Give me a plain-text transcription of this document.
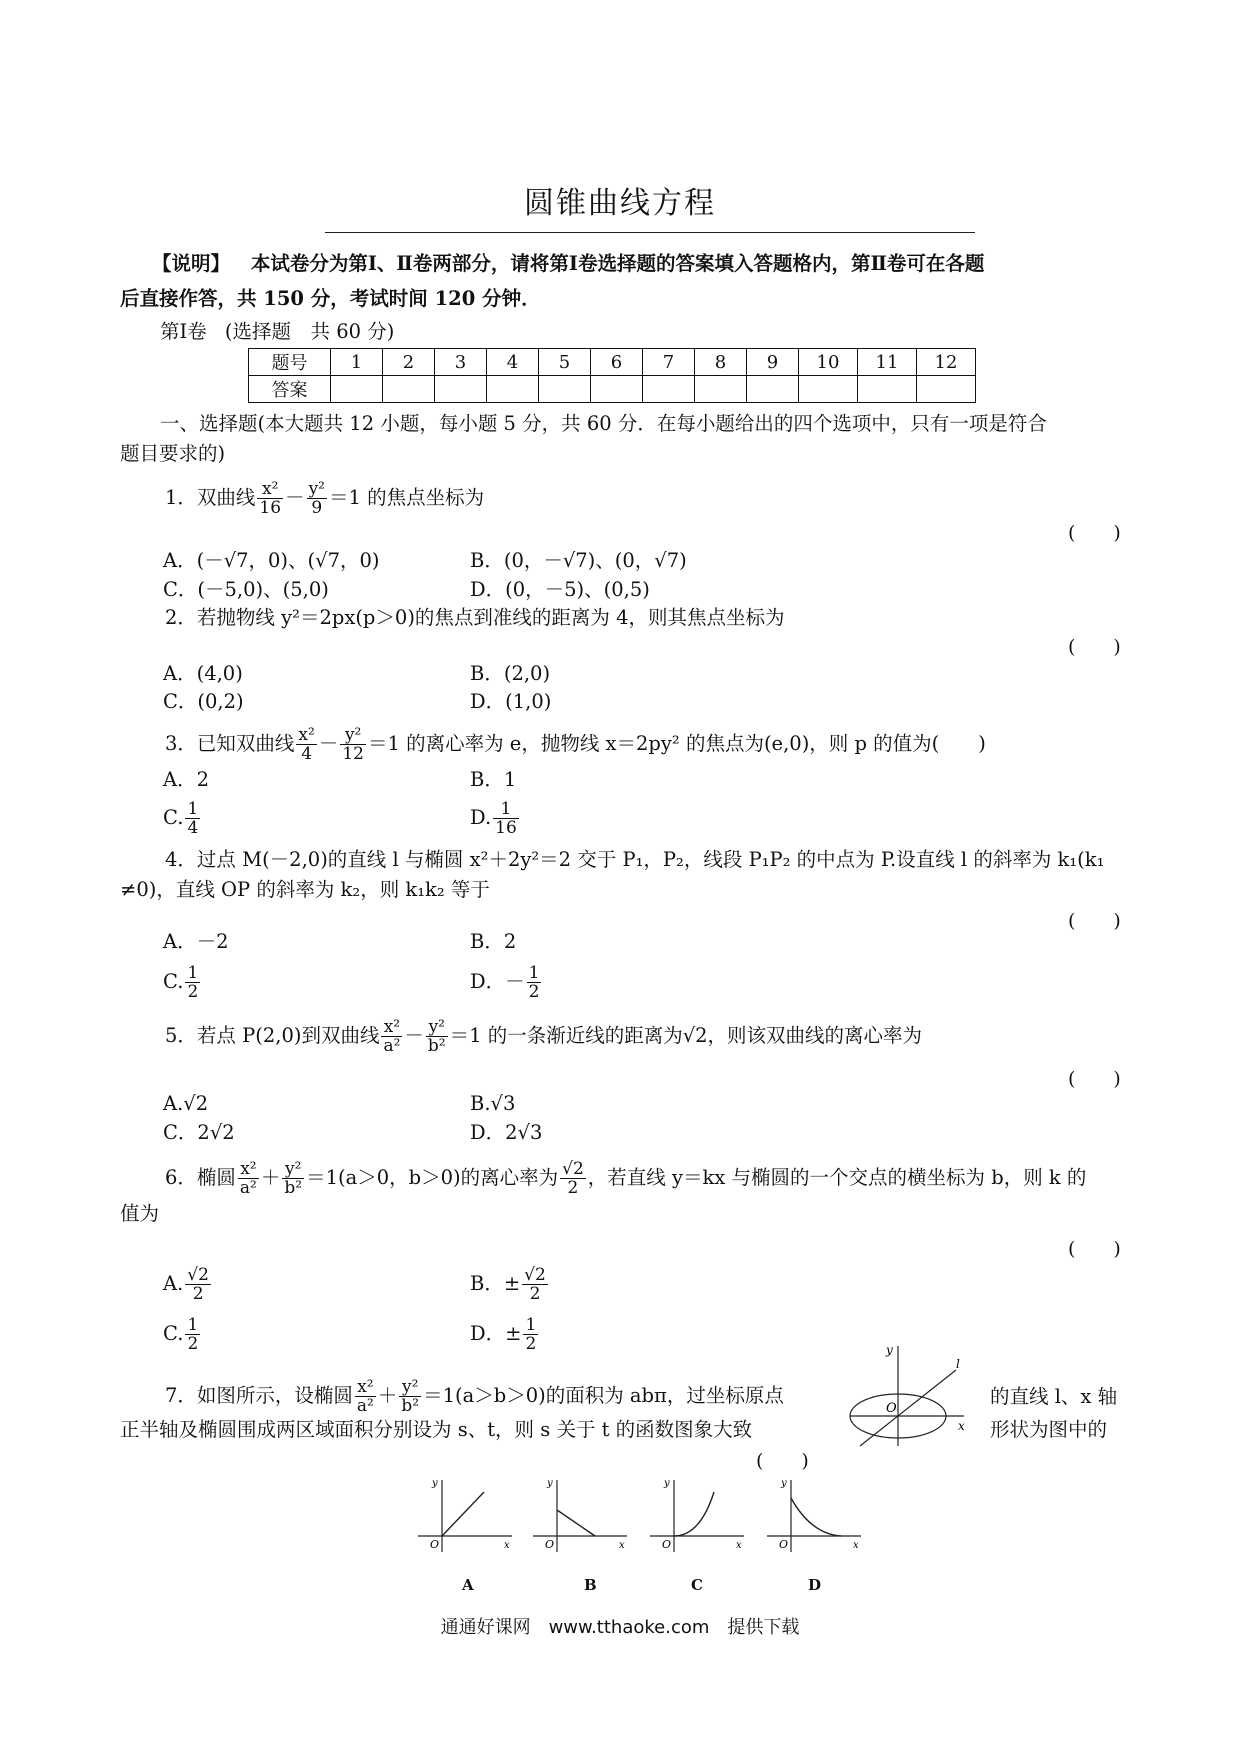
圆锥曲线方程
【说明】 本试卷分为第Ⅰ、Ⅱ卷两部分，请将第Ⅰ卷选择题的答案填入答题格内，第Ⅱ卷可在各题
后直接作答，共 150 分，考试时间 120 分钟．
第Ⅰ卷 (选择题　共 60 分)
题号	1	2	3	4	5	6	7	8	9	10	11	12
答案												
一、选择题(本大题共 12 小题，每小题 5 分，共 60 分．在每小题给出的四个选项中，只有一项是符合
题目要求的)
1．双曲线 $\frac{\text{x²}}{16} - \frac{\text{y²}}{9} =1$ 的焦点坐标为
(　　)
A．(－√7，0)、(√7，0)	B．(0，－√7)、(0，√7)
C．(－5,0)、(5,0)	D．(0，－5)、(0,5)
2．若抛物线 y²＝2px(p＞0)的焦点到准线的距离为 4，则其焦点坐标为
(　　)
A．(4,0)	B．(2,0)
C．(0,2)	D．(1,0)
3．已知双曲线 $\frac{\text{x²}}{4} - \frac{\text{y²}}{12} =1$ 的离心率为 e，抛物线 x＝2py² 的焦点为(e,0)，则 p 的值为(　　)
A．2	B．1
C. $\frac{1}{4}$	D. $\frac{1}{16}$
4．过点 M(－2,0)的直线 l 与椭圆 x²＋2y²＝2 交于 P₁，P₂，线段 P₁P₂ 的中点为 P.设直线 l 的斜率为 k₁(k₁
≠0)，直线 OP 的斜率为 k₂，则 k₁k₂ 等于
(　　)
A．－2	B．2
C. $\frac{1}{2}$	D．－ $\frac{1}{2}$
5．若点 P(2,0)到双曲线 $\frac{\text{x²}}{\text{a²}} - \frac{\text{y²}}{\text{b²}} =1$ 的一条渐近线的距离为√2，则该双曲线的离心率为
(　　)
A.√2	B.√3
C．2√2	D．2√3
6．椭圆 $\frac{\text{x²}}{\text{a²}} + \frac{\text{y²}}{\text{b²}} =1(a>0$，b＞0)的离心率为 $\frac{√2}{2}$ ，若直线 y＝kx 与椭圆的一个交点的横坐标为 b，则 k 的
值为
(　　)
A. $\frac{√2}{2}$	B．± $\frac{√2}{2}$
C. $\frac{1}{2}$	D．± $\frac{1}{2}$
7．如图所示，设椭圆 $\frac{\text{x²}}{\text{a²}} + \frac{\text{y²}}{\text{b²}} =1(a>b>0)$的面积为 abπ，过坐标原点	的直线 l、x 轴
正半轴及椭圆围成两区域面积分别设为 s、t，则 s 关于 t 的函数图象大致	形状为图中的
(　　)
O
x
y
l
O	x
y
O	x
y
O	x
y
O	x
y
A	B	C	D
通通好课网　www.tthaoke.com　提供下载
